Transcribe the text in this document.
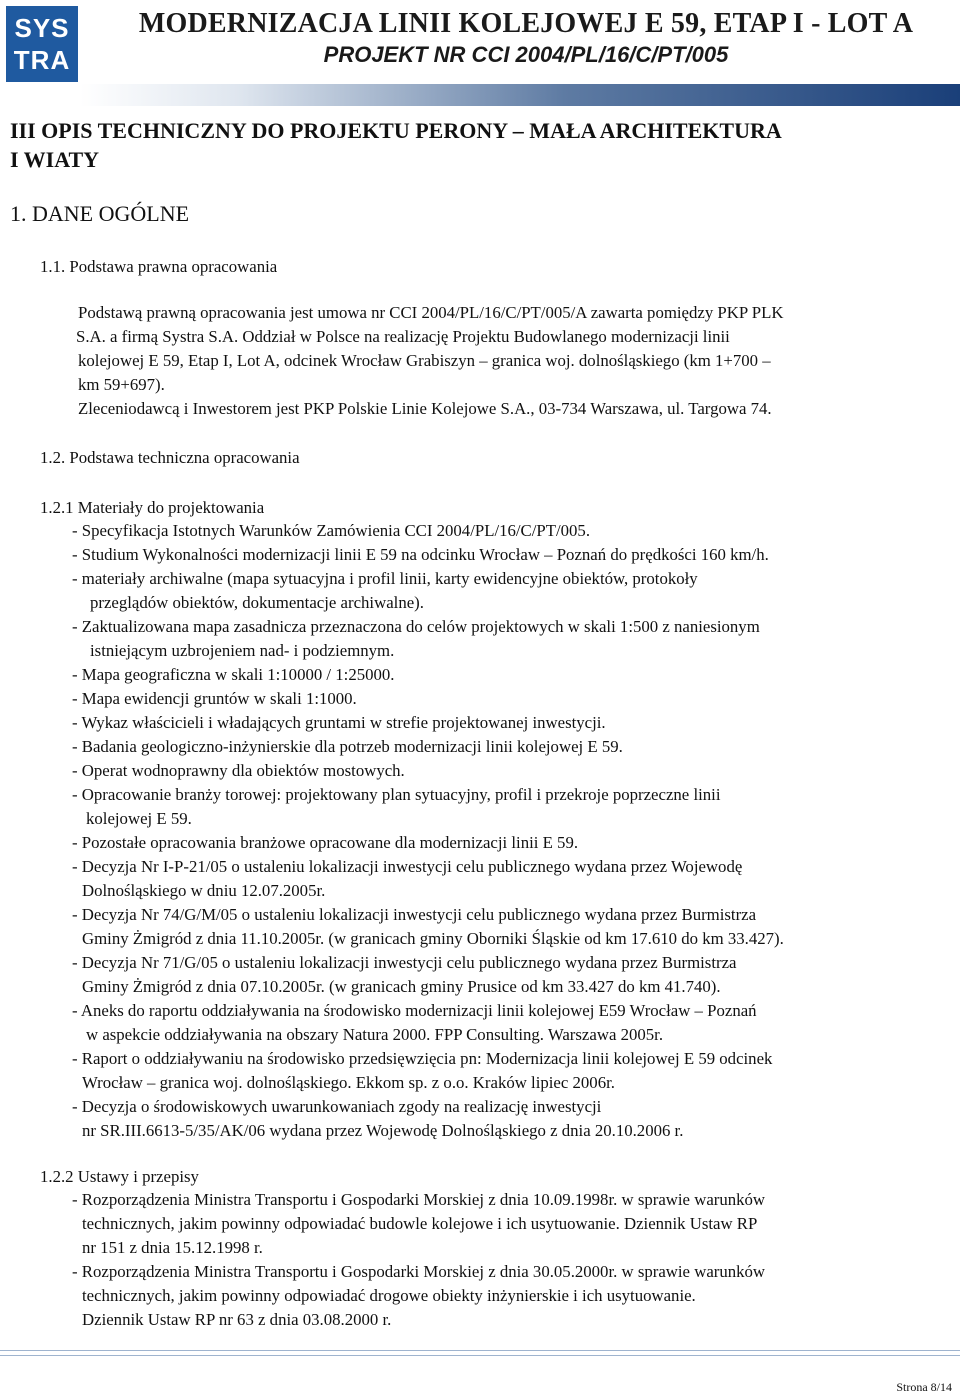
SYS
TRA
MODERNIZACJA LINII KOLEJOWEJ E 59, ETAP I - LOT A
PROJEKT NR CCI 2004/PL/16/C/PT/005
III OPIS TECHNICZNY DO PROJEKTU PERONY – MAŁA ARCHITEKTURA
I WIATY
1. DANE OGÓLNE
1.1. Podstawa prawna opracowania
Podstawą prawną opracowania jest umowa nr CCI 2004/PL/16/C/PT/005/A zawarta pomiędzy PKP PLK
S.A. a firmą Systra S.A. Oddział w Polsce na realizację Projektu Budowlanego modernizacji linii
kolejowej E 59, Etap I, Lot A, odcinek Wrocław Grabiszyn – granica woj. dolnośląskiego (km 1+700 –
km 59+697).
Zleceniodawcą i Inwestorem jest PKP Polskie Linie Kolejowe S.A., 03-734 Warszawa, ul. Targowa 74.
1.2. Podstawa techniczna opracowania
1.2.1 Materiały do projektowania
- Specyfikacja Istotnych Warunków Zamówienia CCI 2004/PL/16/C/PT/005.
- Studium Wykonalności modernizacji linii E 59 na odcinku Wrocław – Poznań do prędkości 160 km/h.
- materiały archiwalne (mapa sytuacyjna i profil linii, karty ewidencyjne obiektów, protokoły
przeglądów obiektów, dokumentacje archiwalne).
- Zaktualizowana mapa zasadnicza przeznaczona do celów projektowych w skali 1:500 z naniesionym
istniejącym uzbrojeniem nad- i podziemnym.
- Mapa geograficzna w skali 1:10000 / 1:25000.
- Mapa ewidencji gruntów w skali 1:1000.
- Wykaz właścicieli i władających gruntami w strefie projektowanej inwestycji.
- Badania geologiczno-inżynierskie dla potrzeb modernizacji linii kolejowej E 59.
- Operat wodnoprawny dla obiektów mostowych.
- Opracowanie branży torowej: projektowany plan sytuacyjny, profil i przekroje poprzeczne linii
kolejowej E 59.
- Pozostałe opracowania branżowe opracowane dla modernizacji linii E 59.
- Decyzja Nr I-P-21/05 o ustaleniu lokalizacji inwestycji celu publicznego wydana przez Wojewodę
Dolnośląskiego w dniu 12.07.2005r.
- Decyzja Nr 74/G/M/05 o ustaleniu lokalizacji inwestycji celu publicznego wydana przez Burmistrza
Gminy Żmigród z dnia 11.10.2005r. (w granicach gminy Oborniki Śląskie od km 17.610 do km 33.427).
- Decyzja Nr 71/G/05 o ustaleniu lokalizacji inwestycji celu publicznego wydana przez Burmistrza
Gminy Żmigród z dnia 07.10.2005r. (w granicach gminy Prusice od km 33.427 do km 41.740).
- Aneks do raportu oddziaływania na środowisko modernizacji linii kolejowej E59 Wrocław – Poznań
w aspekcie oddziaływania na obszary Natura 2000. FPP Consulting. Warszawa 2005r.
- Raport o oddziaływaniu na środowisko przedsięwzięcia pn: Modernizacja linii kolejowej E 59 odcinek
Wrocław – granica woj. dolnośląskiego. Ekkom sp. z o.o. Kraków lipiec 2006r.
- Decyzja o środowiskowych uwarunkowaniach zgody na realizację inwestycji
nr SR.III.6613-5/35/AK/06 wydana przez Wojewodę Dolnośląskiego z dnia 20.10.2006 r.
1.2.2 Ustawy i przepisy
- Rozporządzenia Ministra Transportu i Gospodarki Morskiej z dnia 10.09.1998r. w sprawie warunków
technicznych, jakim powinny odpowiadać budowle kolejowe i ich usytuowanie. Dziennik Ustaw RP
nr 151 z dnia 15.12.1998 r.
- Rozporządzenia Ministra Transportu i Gospodarki Morskiej z dnia 30.05.2000r. w sprawie warunków
technicznych, jakim powinny odpowiadać drogowe obiekty inżynierskie i ich usytuowanie.
Dziennik Ustaw RP nr 63 z dnia 03.08.2000 r.
Strona 8/14
